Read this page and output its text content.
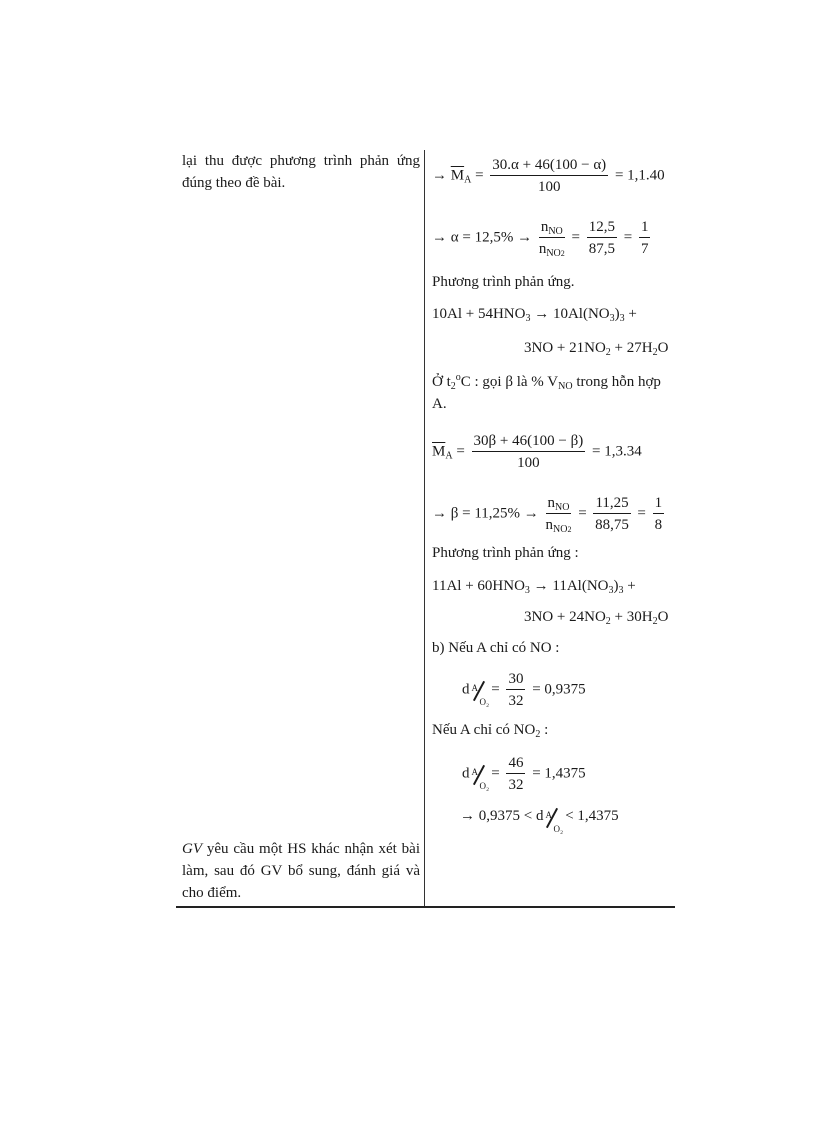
lại thu được phương trình phản ứng đúng theo đề bài.
GV yêu cầu một HS khác nhận xét bài làm, sau đó GV bổ sung, đánh giá và cho điểm.
→ $\overline{M}_A = \frac{30.\alpha + 46(100 - \alpha)}{100} = 1,1.40$
→ $\alpha = 12,5\% \to \frac{n_{NO}}{n_{NO2}} = \frac{12,5}{87,5} = \frac{1}{7}$
Phương trình phản ứng.
$10Al + 54HNO_3 \to 10Al(NO_3)_3$ +
$3NO + 21NO_2 + 27H_2O$
Ở $t_2^oC$ : gọi β là % $V_{NO}$ trong hỗn hợp A.
$\overline{M}_A = \frac{30\beta + 46(100 - \beta)}{100} = 1,3.34$
→ $\beta = 11,25\% \to \frac{n_{NO}}{n_{NO2}} = \frac{11,25}{88,75} = \frac{1}{8}$
Phương trình phản ứng :
$11Al + 60HNO_3 \to 11Al(NO_3)_3$ +
$3NO + 24NO_2 + 30H_2O$
b) Nếu A chỉ có NO :
d A
O₂
= $\frac{30}{32} = 0,9375$
Nếu A chỉ có $NO_2$ :
d A
O₂
= $\frac{46}{32} = 1,4375$
→ 0,9375 < d A
O₂
< 1,4375
